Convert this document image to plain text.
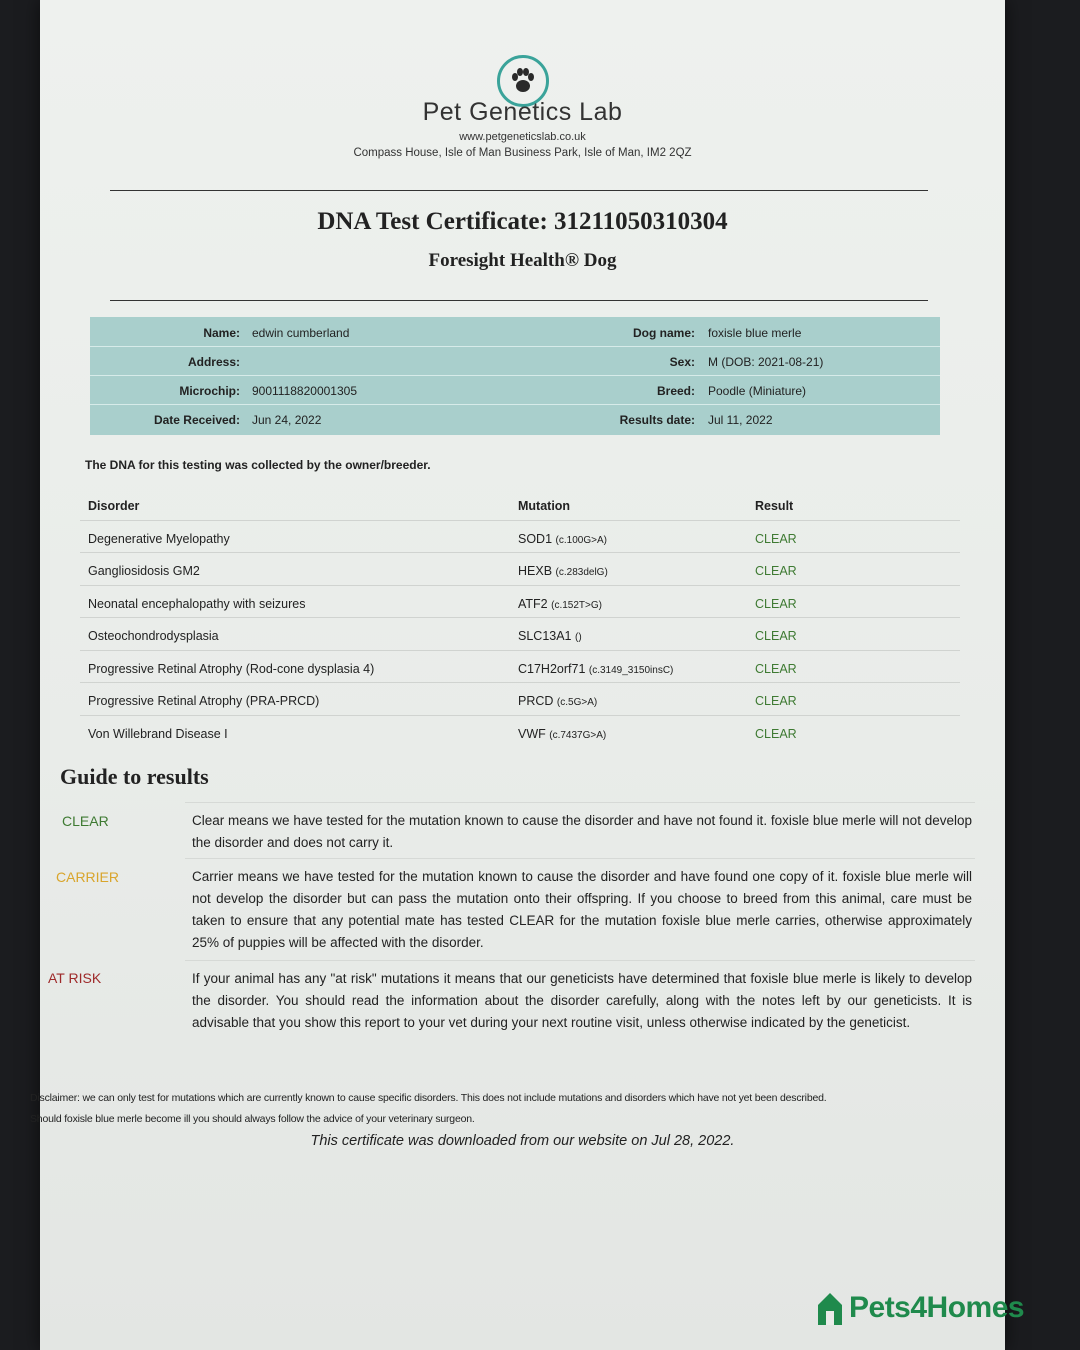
Pet Genetics Lab
www.petgeneticslab.co.uk
Compass House, Isle of Man Business Park, Isle of Man, IM2 2QZ
DNA Test Certificate: 31211050310304
Foresight Health® Dog
Name: edwin cumberland	Dog name: foxisle blue merle
Address:	Sex: M (DOB: 2021-08-21)
Microchip: 9001118820001305	Breed: Poodle (Miniature)
Date Received: Jun 24, 2022	Results date: Jul 11, 2022
The DNA for this testing was collected by the owner/breeder.
Disorder	Mutation	Result
Degenerative Myelopathy	SOD1 (c.100G>A)	CLEAR
Gangliosidosis GM2	HEXB (c.283delG)	CLEAR
Neonatal encephalopathy with seizures	ATF2 (c.152T>G)	CLEAR
Osteochondrodysplasia	SLC13A1 ()	CLEAR
Progressive Retinal Atrophy (Rod-cone dysplasia 4)	C17H2orf71 (c.3149_3150insC)	CLEAR
Progressive Retinal Atrophy (PRA-PRCD)	PRCD (c.5G>A)	CLEAR
Von Willebrand Disease I	VWF (c.7437G>A)	CLEAR
Guide to results
CLEAR	Clear means we have tested for the mutation known to cause the disorder and have not found it. foxisle blue merle will not develop the disorder and does not carry it.
CARRIER	Carrier means we have tested for the mutation known to cause the disorder and have found one copy of it. foxisle blue merle will not develop the disorder but can pass the mutation onto their offspring. If you choose to breed from this animal, care must be taken to ensure that any potential mate has tested CLEAR for the mutation foxisle blue merle carries, otherwise approximately 25% of puppies will be affected with the disorder.
AT RISK	If your animal has any "at risk" mutations it means that our geneticists have determined that foxisle blue merle is likely to develop the disorder. You should read the information about the disorder carefully, along with the notes left by our geneticists. It is advisable that you show this report to your vet during your next routine visit, unless otherwise indicated by the geneticist.
Disclaimer: we can only test for mutations which are currently known to cause specific disorders. This does not include mutations and disorders which have not yet been described.
Should foxisle blue merle become ill you should always follow the advice of your veterinary surgeon.
This certificate was downloaded from our website on Jul 28, 2022.
Pets4Homes
